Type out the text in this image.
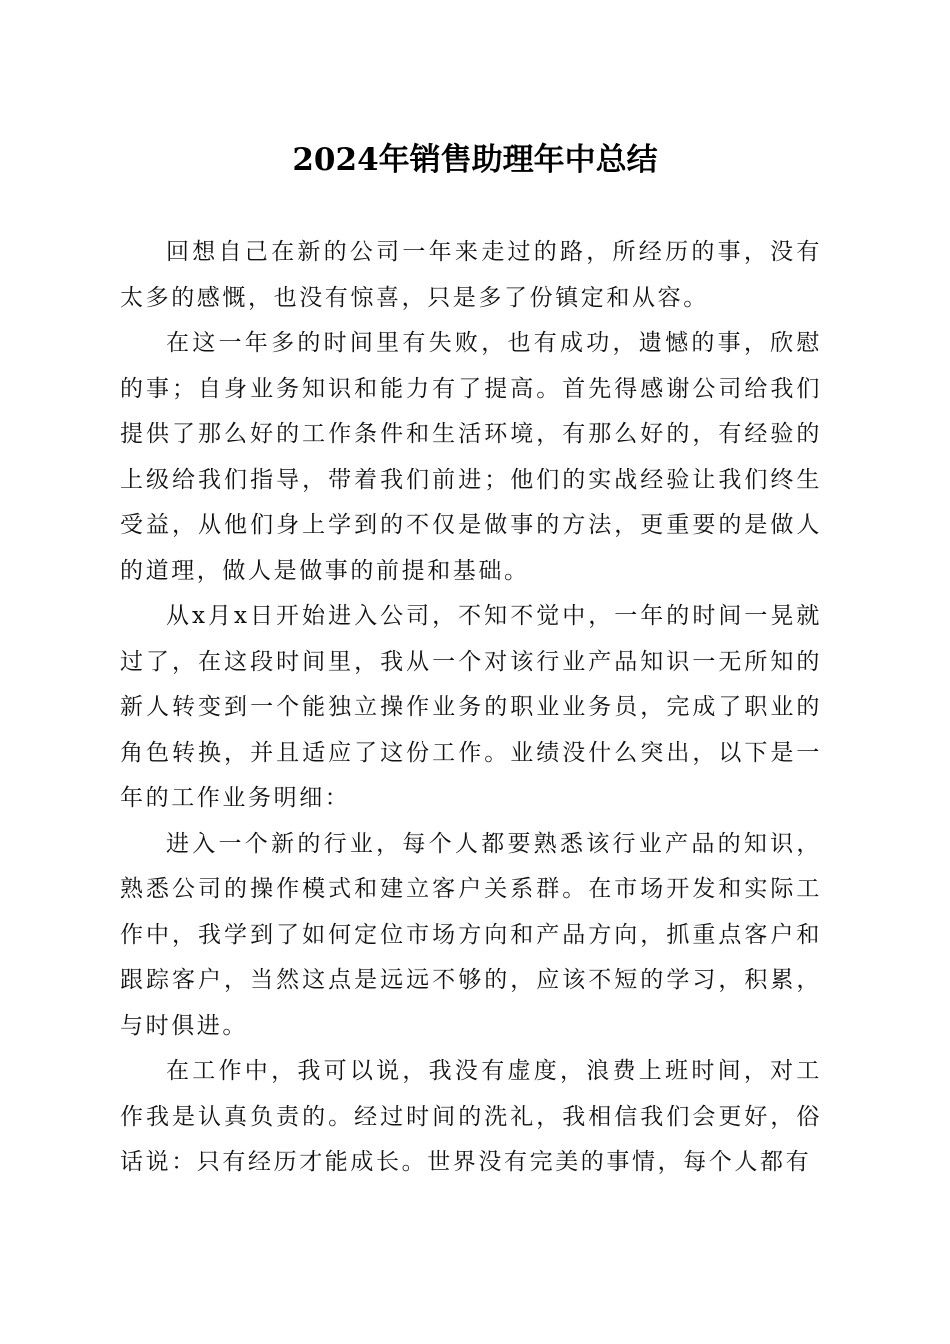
2024年销售助理年中总结

回想自己在新的公司一年来走过的路，所经历的事，没有太多的感慨，也没有惊喜，只是多了份镇定和从容。

在这一年多的时间里有失败，也有成功，遗憾的事，欣慰的事；自身业务知识和能力有了提高。首先得感谢公司给我们提供了那么好的工作条件和生活环境，有那么好的，有经验的上级给我们指导，带着我们前进；他们的实战经验让我们终生受益，从他们身上学到的不仅是做事的方法，更重要的是做人的道理，做人是做事的前提和基础。

从x月x日开始进入公司，不知不觉中，一年的时间一晃就过了，在这段时间里，我从一个对该行业产品知识一无所知的新人转变到一个能独立操作业务的职业业务员，完成了职业的角色转换，并且适应了这份工作。业绩没什么突出，以下是一年的工作业务明细：

进入一个新的行业，每个人都要熟悉该行业产品的知识，熟悉公司的操作模式和建立客户关系群。在市场开发和实际工作中，我学到了如何定位市场方向和产品方向，抓重点客户和跟踪客户，当然这点是远远不够的，应该不短的学习，积累，与时俱进。

在工作中，我可以说，我没有虚度，浪费上班时间，对工作我是认真负责的。经过时间的洗礼，我相信我们会更好，俗话说：只有经历才能成长。世界没有完美的事情，每个人都有
